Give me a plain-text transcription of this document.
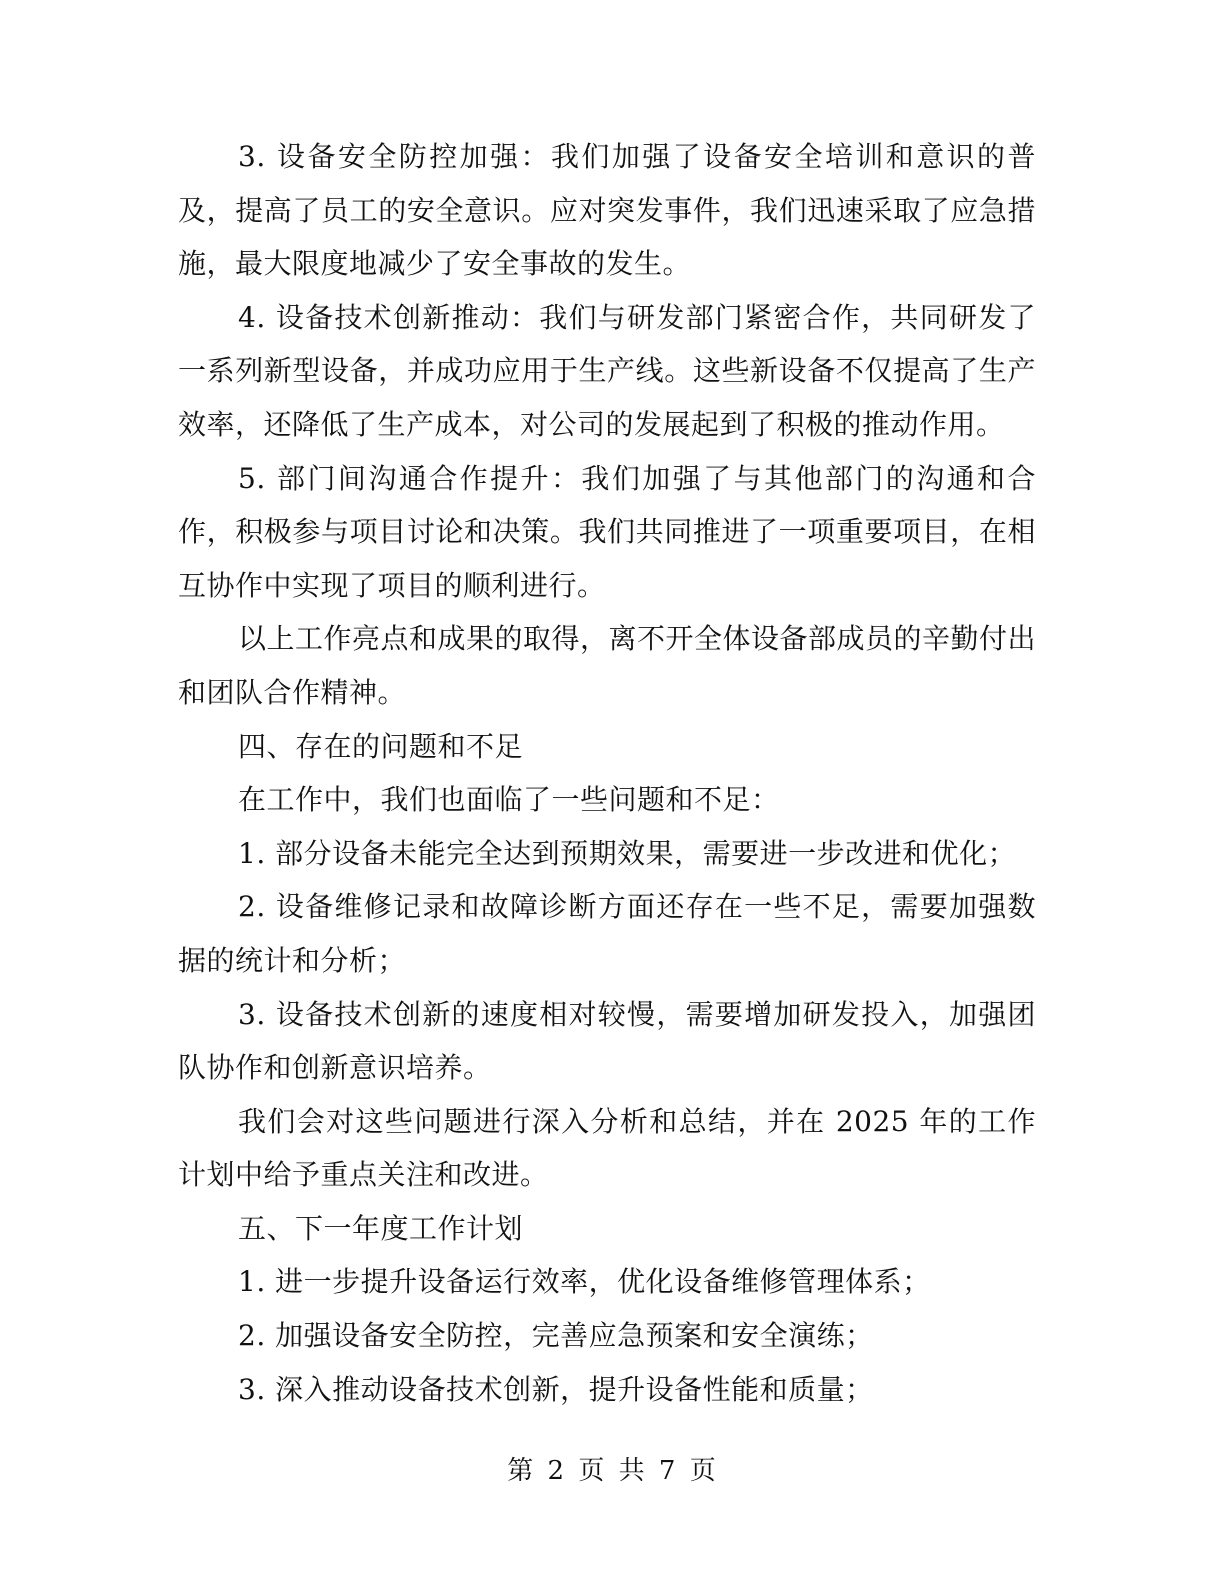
3. 设备安全防控加强：我们加强了设备安全培训和意识的普及，提高了员工的安全意识。应对突发事件，我们迅速采取了应急措施，最大限度地减少了安全事故的发生。

4. 设备技术创新推动：我们与研发部门紧密合作，共同研发了一系列新型设备，并成功应用于生产线。这些新设备不仅提高了生产效率，还降低了生产成本，对公司的发展起到了积极的推动作用。

5. 部门间沟通合作提升：我们加强了与其他部门的沟通和合作，积极参与项目讨论和决策。我们共同推进了一项重要项目，在相互协作中实现了项目的顺利进行。

以上工作亮点和成果的取得，离不开全体设备部成员的辛勤付出和团队合作精神。

四、存在的问题和不足

在工作中，我们也面临了一些问题和不足：

1. 部分设备未能完全达到预期效果，需要进一步改进和优化；

2. 设备维修记录和故障诊断方面还存在一些不足，需要加强数据的统计和分析；

3. 设备技术创新的速度相对较慢，需要增加研发投入，加强团队协作和创新意识培养。

我们会对这些问题进行深入分析和总结，并在 2025 年的工作计划中给予重点关注和改进。

五、下一年度工作计划

1. 进一步提升设备运行效率，优化设备维修管理体系；

2. 加强设备安全防控，完善应急预案和安全演练；

3. 深入推动设备技术创新，提升设备性能和质量；

第 2 页 共 7 页
